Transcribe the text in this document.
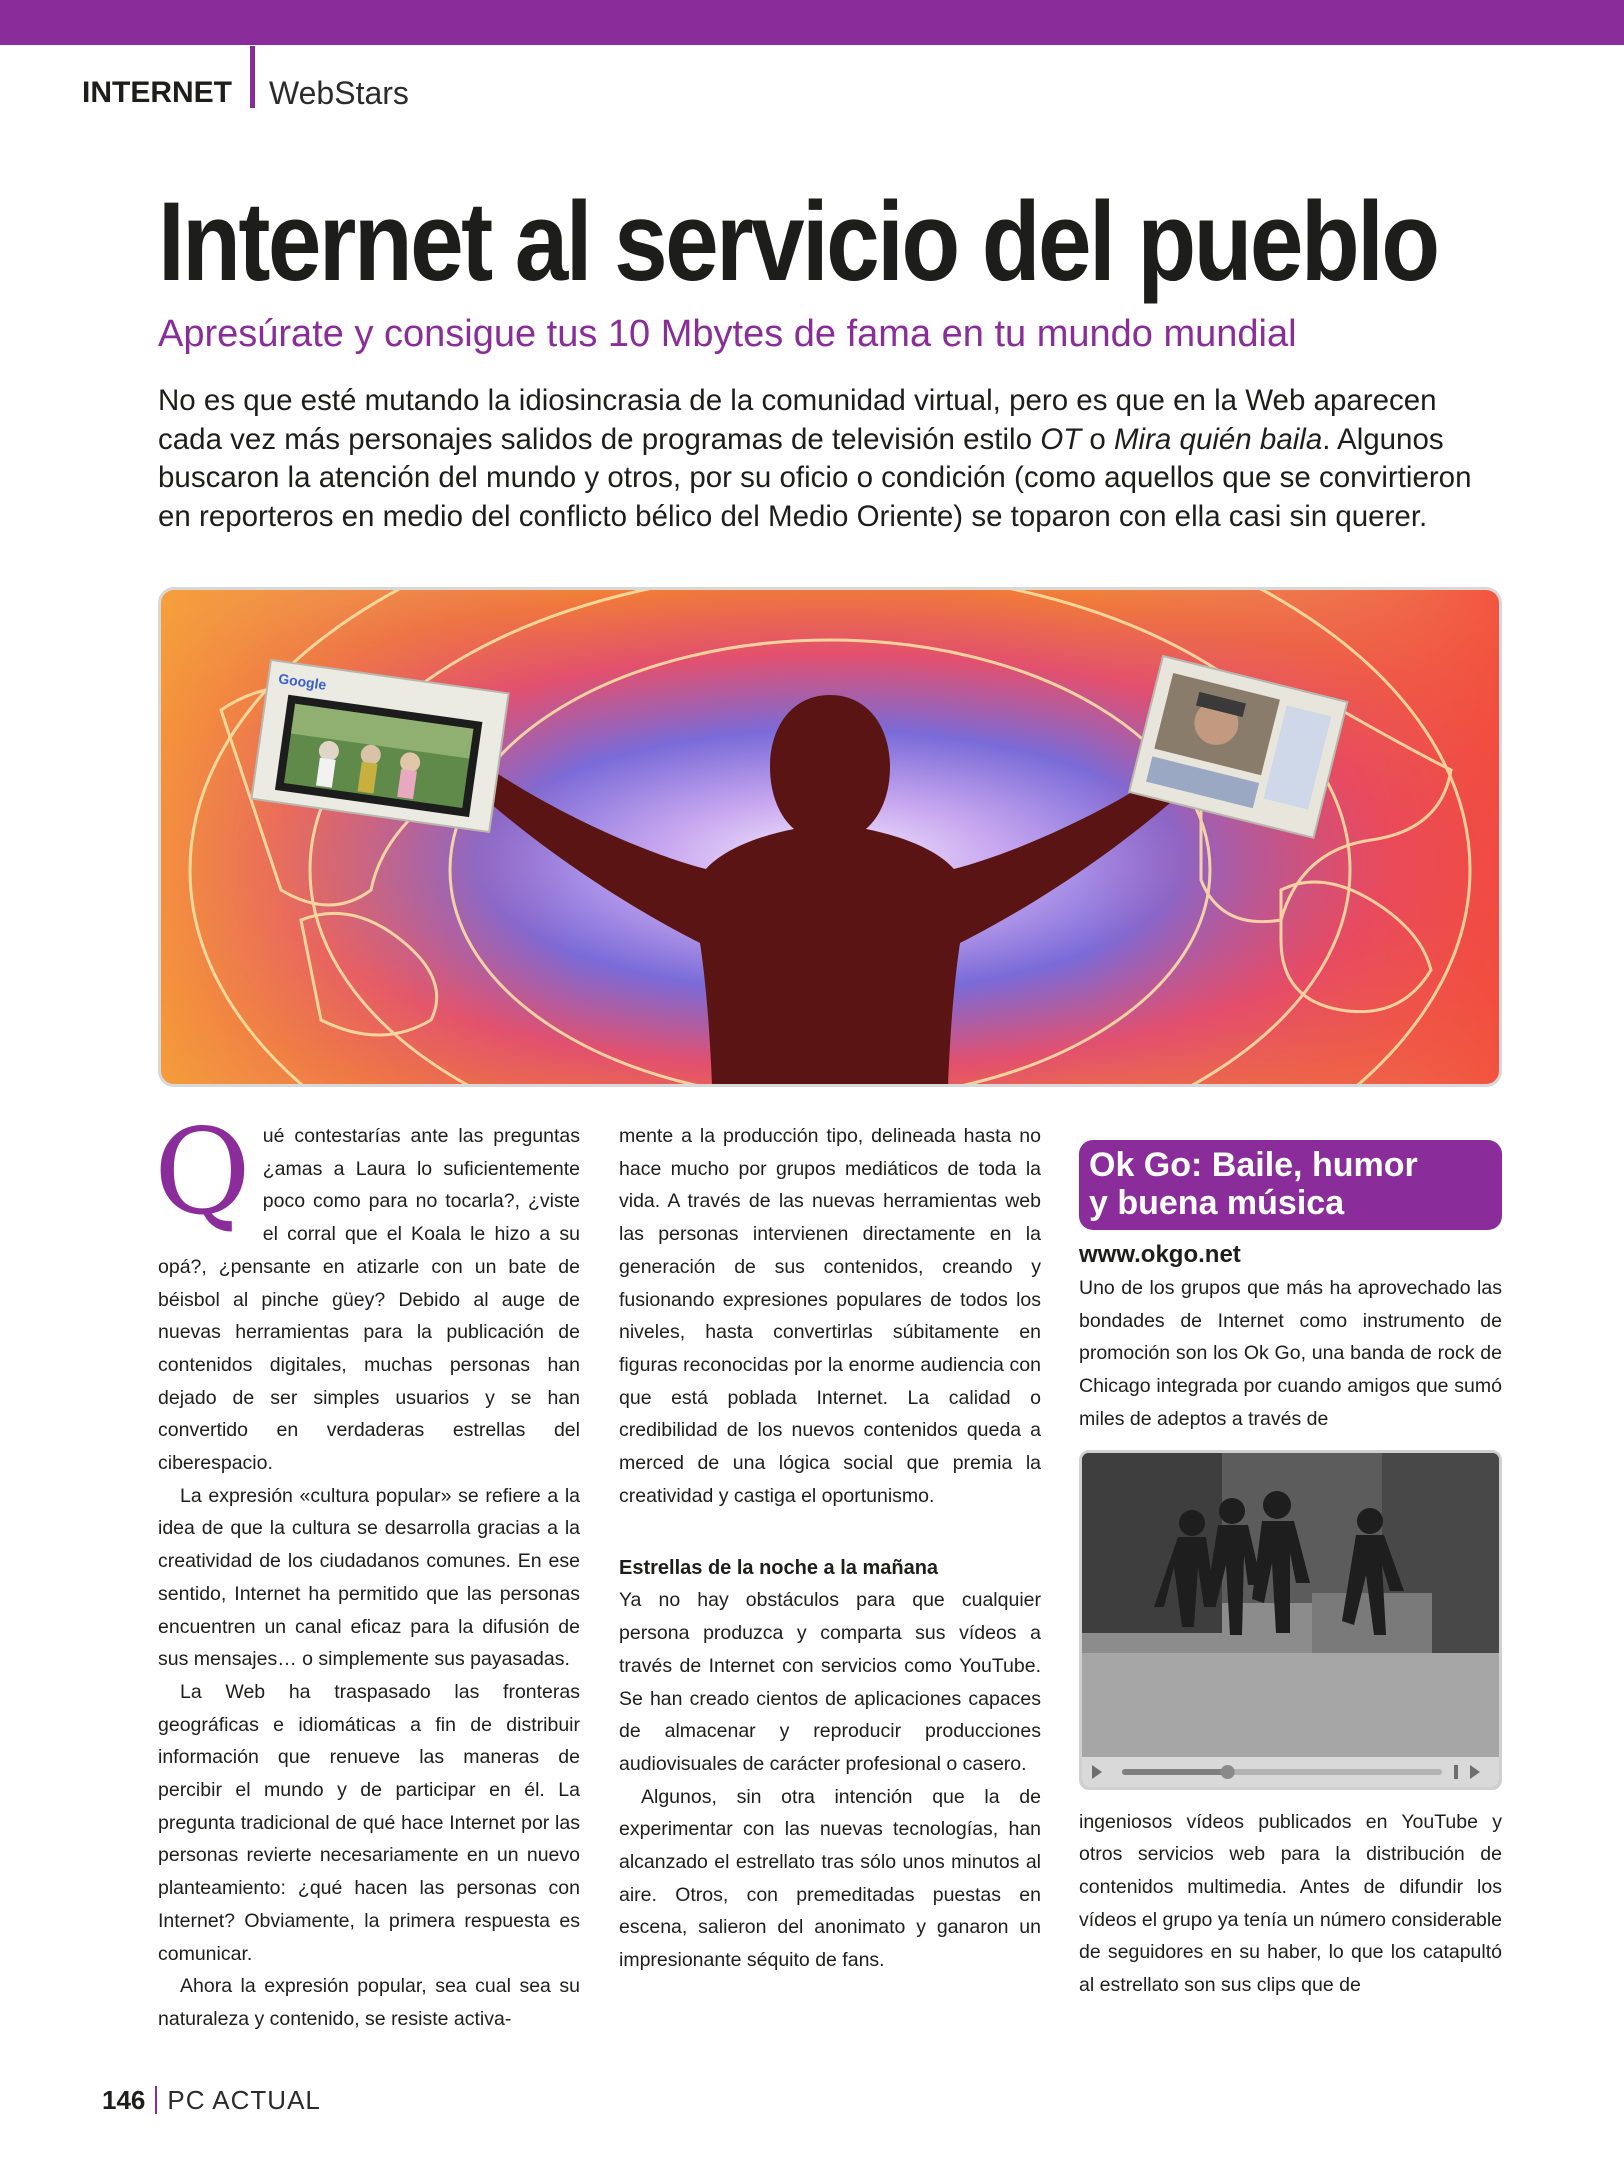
INTERNET WebStars
Internet al servicio del pueblo
Apresúrate y consigue tus 10 Mbytes de fama en tu mundo mundial

No es que esté mutando la idiosincrasia de la comunidad virtual, pero es que en la Web aparecen cada vez más personajes salidos de programas de televisión estilo OT o Mira quién baila. Algunos buscaron la atención del mundo y otros, por su oficio o condición (como aquellos que se convirtieron en reporteros en medio del conflicto bélico del Medio Oriente) se toparon con ella casi sin querer.

Google

Qué contestarías ante las preguntas ¿amas a Laura lo suficientemente poco como para no tocarla?, ¿viste el corral que el Koala le hizo a su opá?, ¿pensante en atizarle con un bate de béisbol al pinche güey? Debido al auge de nuevas herramientas para la publicación de contenidos digitales, muchas personas han dejado de ser simples usuarios y se han convertido en verdaderas estrellas del ciberespacio.

La expresión «cultura popular» se refiere a la idea de que la cultura se desarrolla gracias a la creatividad de los ciudadanos comunes. En ese sentido, Internet ha permitido que las personas encuentren un canal eficaz para la difusión de sus mensajes… o simplemente sus payasadas.

La Web ha traspasado las fronteras geográficas e idiomáticas a fin de distribuir información que renueve las maneras de percibir el mundo y de participar en él. La pregunta tradicional de qué hace Internet por las personas revierte necesariamente en un nuevo planteamiento: ¿qué hacen las personas con Internet? Obviamente, la primera respuesta es comunicar.

Ahora la expresión popular, sea cual sea su naturaleza y contenido, se resiste activa-

mente a la producción tipo, delineada hasta no hace mucho por grupos mediáticos de toda la vida. A través de las nuevas herramientas web las personas intervienen directamente en la generación de sus contenidos, creando y fusionando expresiones populares de todos los niveles, hasta convertirlas súbitamente en figuras reconocidas por la enorme audiencia con que está poblada Internet. La calidad o credibilidad de los nuevos contenidos queda a merced de una lógica social que premia la creatividad y castiga el oportunismo.

Estrellas de la noche a la mañana

Ya no hay obstáculos para que cualquier persona produzca y comparta sus vídeos a través de Internet con servicios como YouTube. Se han creado cientos de aplicaciones capaces de almacenar y reproducir producciones audiovisuales de carácter profesional o casero.

Algunos, sin otra intención que la de experimentar con las nuevas tecnologías, han alcanzado el estrellato tras sólo unos minutos al aire. Otros, con premeditadas puestas en escena, salieron del anonimato y ganaron un impresionante séquito de fans.

Ok Go: Baile, humor
y buena música

www.okgo.net

Uno de los grupos que más ha aprovechado las bondades de Internet como instrumento de promoción son los Ok Go, una banda de rock de Chicago integrada por cuando amigos que sumó miles de adeptos a través de

ingeniosos vídeos publicados en YouTube y otros servicios web para la distribución de contenidos multimedia. Antes de difundir los vídeos el grupo ya tenía un número considerable de seguidores en su haber, lo que los catapultó al estrellato son sus clips que de

146 PC ACTUAL
